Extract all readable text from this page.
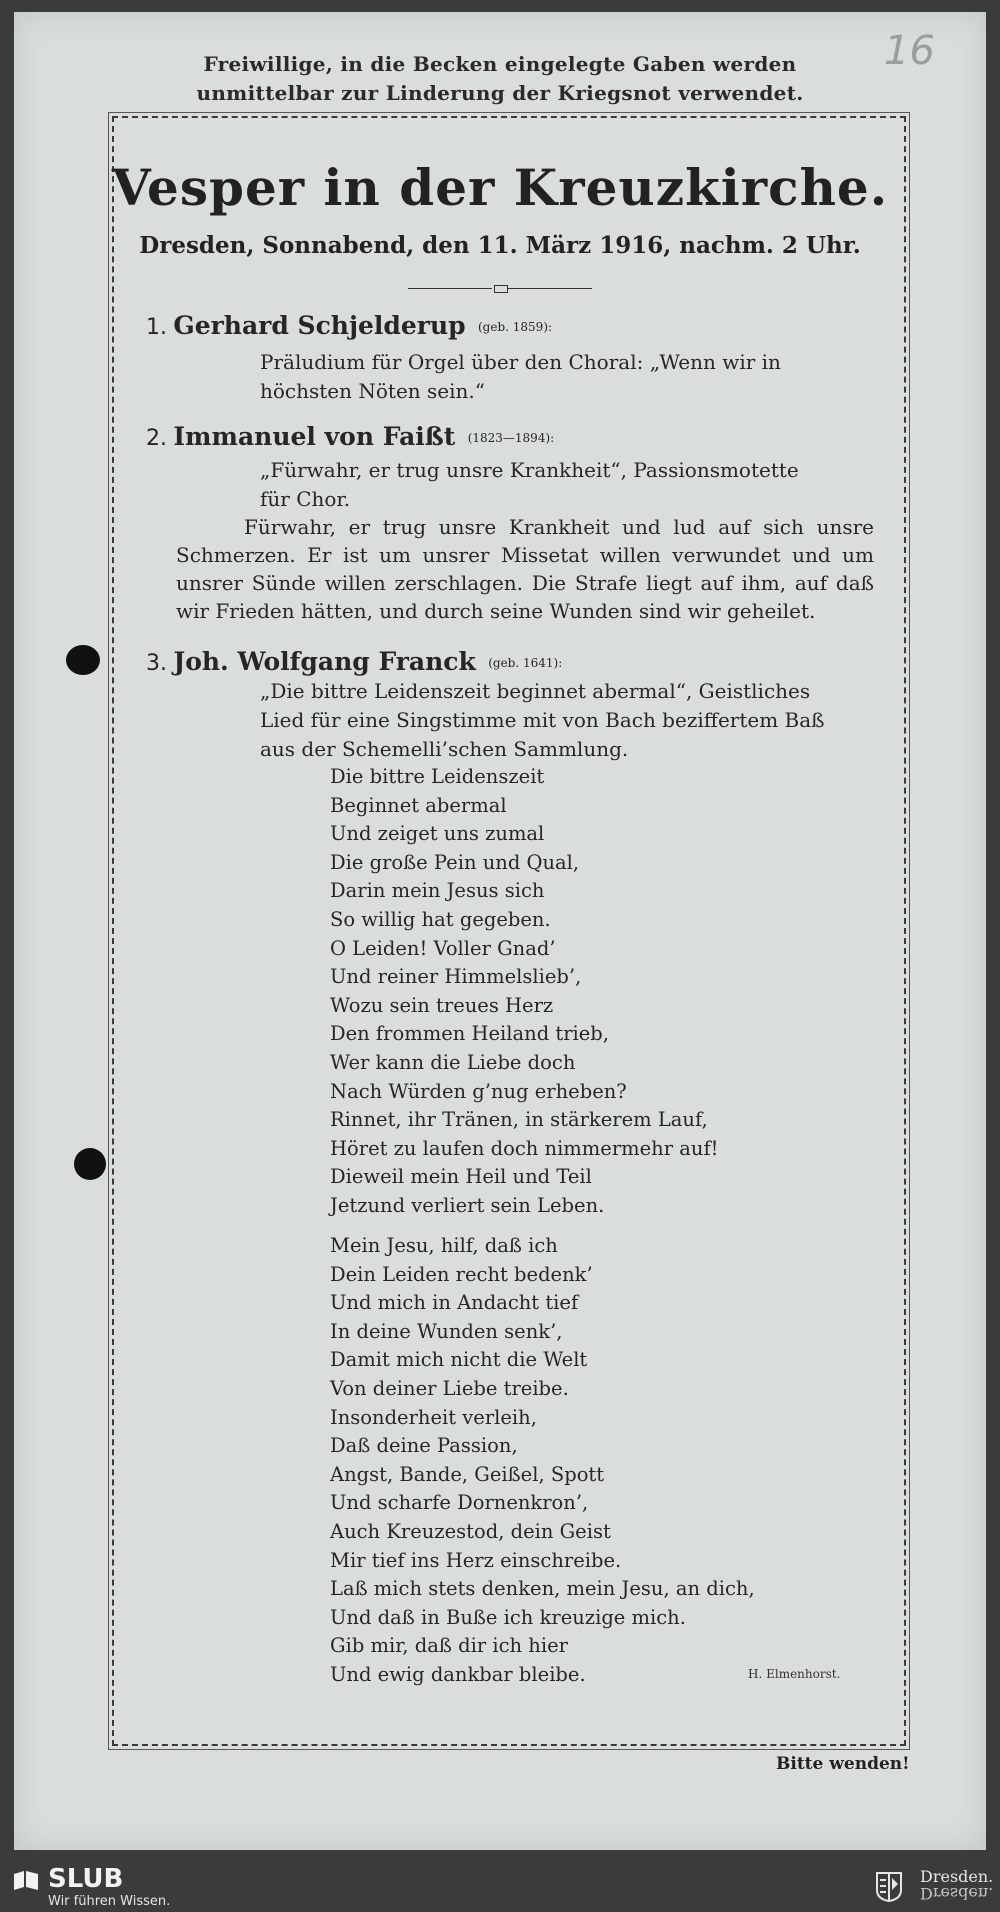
Freiwillige, in die Becken eingelegte Gaben werden
unmittelbar zur Linderung der Kriegsnot verwendet.
16
Vesper in der Kreuzkirche.
Dresden, Sonnabend, den 11. März 1916, nachm. 2 Uhr.
1. Gerhard Schjelderup (geb. 1859):
Präludium für Orgel über den Choral: „Wenn wir in
höchsten Nöten sein.“
2. Immanuel von Faißt (1823—1894):
„Fürwahr, er trug unsre Krankheit“, Passionsmotette
für Chor.
Fürwahr, er trug unsre Krankheit und lud auf sich unsre Schmerzen. Er ist um unsrer Missetat willen verwundet und um unsrer Sünde willen zerschlagen. Die Strafe liegt auf ihm, auf daß wir Frieden hätten, und durch seine Wunden sind wir geheilet.
3. Joh. Wolfgang Franck (geb. 1641):
„Die bittre Leidenszeit beginnet abermal“, Geistliches
Lied für eine Singstimme mit von Bach beziffertem Baß
aus der Schemelli’schen Sammlung.
Die bittre Leidenszeit
Beginnet abermal
Und zeiget uns zumal
Die große Pein und Qual,
Darin mein Jesus sich
So willig hat gegeben.
O Leiden! Voller Gnad’
Und reiner Himmelslieb’,
Wozu sein treues Herz
Den frommen Heiland trieb,
Wer kann die Liebe doch
Nach Würden g’nug erheben?
Rinnet, ihr Tränen, in stärkerem Lauf,
Höret zu laufen doch nimmermehr auf!
Dieweil mein Heil und Teil
Jetzund verliert sein Leben.
Mein Jesu, hilf, daß ich
Dein Leiden recht bedenk’
Und mich in Andacht tief
In deine Wunden senk’,
Damit mich nicht die Welt
Von deiner Liebe treibe.
Insonderheit verleih,
Daß deine Passion,
Angst, Bande, Geißel, Spott
Und scharfe Dornenkron’,
Auch Kreuzestod, dein Geist
Mir tief ins Herz einschreibe.
Laß mich stets denken, mein Jesu, an dich,
Und daß in Buße ich kreuzige mich.
Gib mir, daß dir ich hier
Und ewig dankbar bleibe.	H. Elmenhorst.
Bitte wenden!
SLUB
Wir führen Wissen.
Dresden.
Dresden.
